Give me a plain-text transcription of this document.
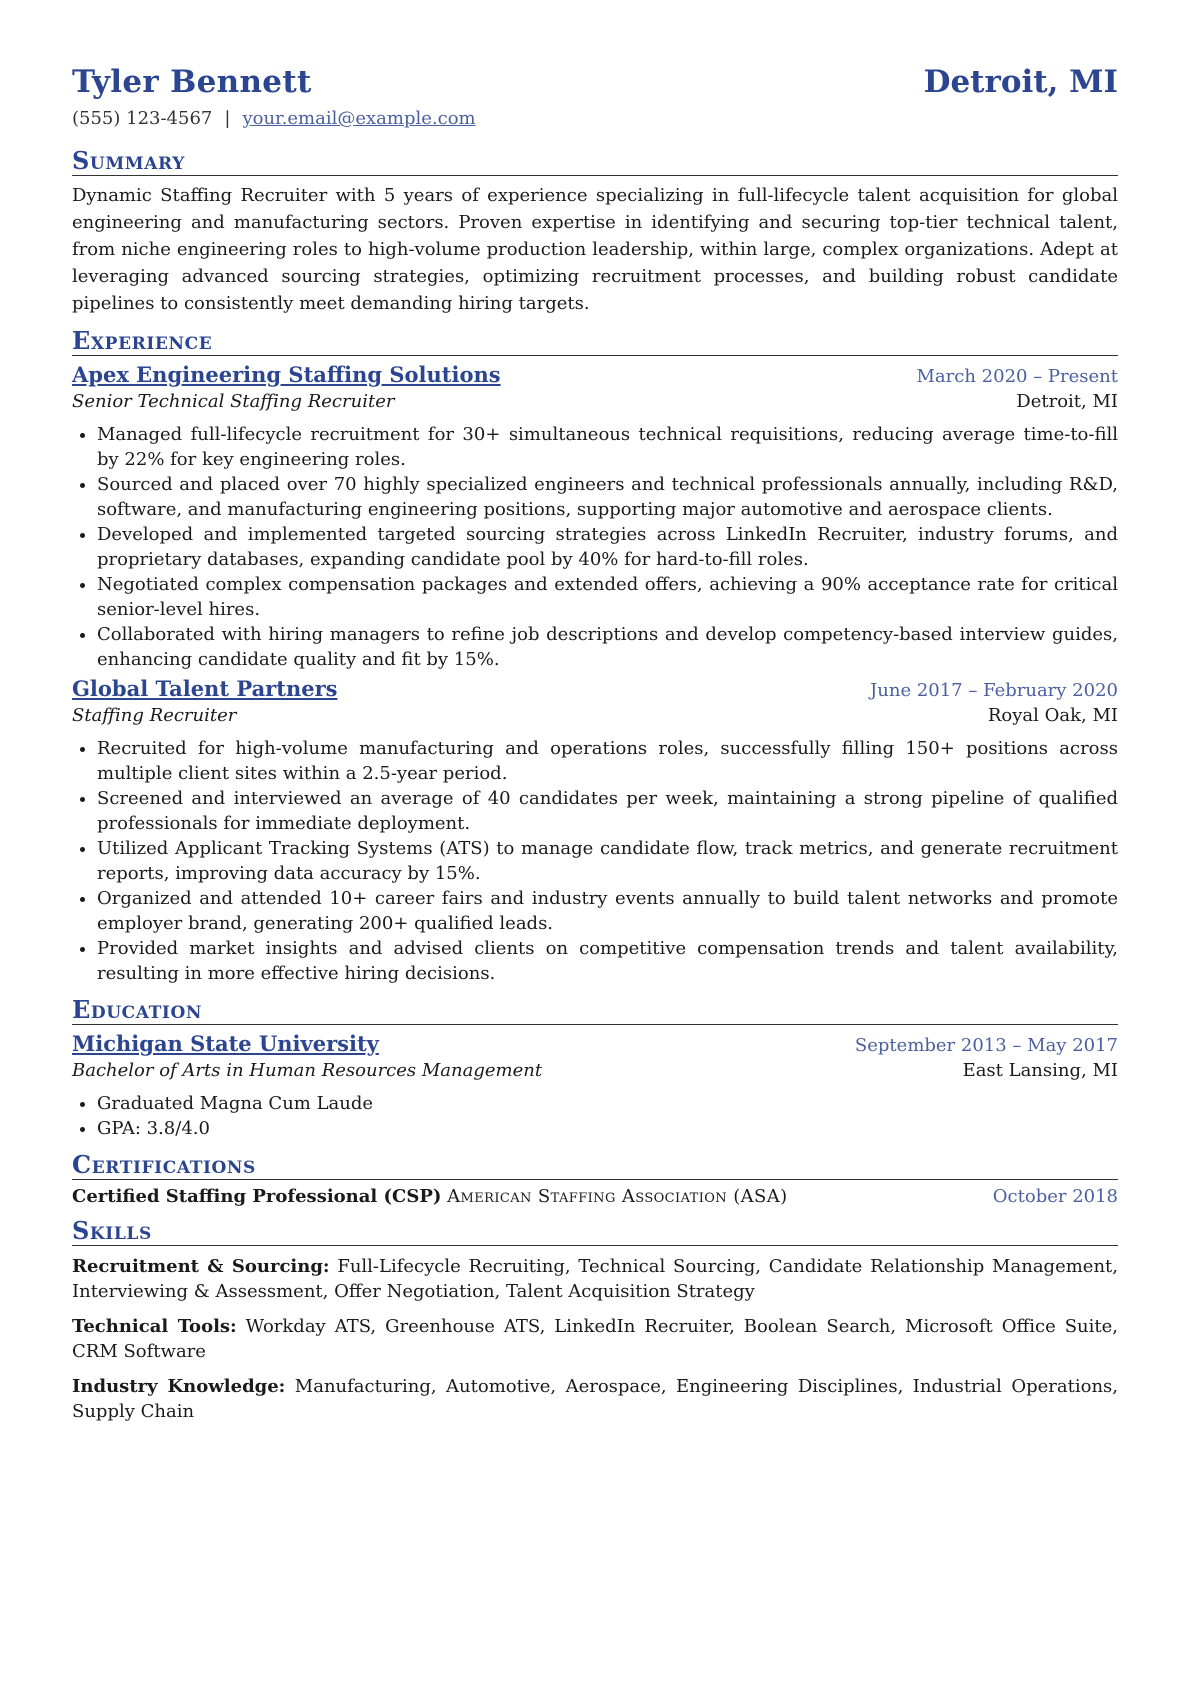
Tyler Bennett	Detroit, MI
(555) 123-4567 | your.email@example.com
Summary
Dynamic Staffing Recruiter with 5 years of experience specializing in full-lifecycle talent acquisition for global engineering and manufacturing sectors. Proven expertise in identifying and securing top-tier technical talent, from niche engineering roles to high-volume production leadership, within large, complex organizations. Adept at leveraging advanced sourcing strategies, optimizing recruitment processes, and building robust candidate pipelines to consistently meet demanding hiring targets.
Experience
Apex Engineering Staffing Solutions	March 2020 – Present
Senior Technical Staffing Recruiter	Detroit, MI
• Managed full-lifecycle recruitment for 30+ simultaneous technical requisitions, reducing average time-to-fill by 22% for key engineering roles.
• Sourced and placed over 70 highly specialized engineers and technical professionals annually, including R&D, software, and manufacturing engineering positions, supporting major automotive and aerospace clients.
• Developed and implemented targeted sourcing strategies across LinkedIn Recruiter, industry forums, and proprietary databases, expanding candidate pool by 40% for hard-to-fill roles.
• Negotiated complex compensation packages and extended offers, achieving a 90% acceptance rate for critical senior-level hires.
• Collaborated with hiring managers to refine job descriptions and develop competency-based interview guides, enhancing candidate quality and fit by 15%.
Global Talent Partners	June 2017 – February 2020
Staffing Recruiter	Royal Oak, MI
• Recruited for high-volume manufacturing and operations roles, successfully filling 150+ positions across multiple client sites within a 2.5-year period.
• Screened and interviewed an average of 40 candidates per week, maintaining a strong pipeline of qualified professionals for immediate deployment.
• Utilized Applicant Tracking Systems (ATS) to manage candidate flow, track metrics, and generate recruitment reports, improving data accuracy by 15%.
• Organized and attended 10+ career fairs and industry events annually to build talent networks and promote employer brand, generating 200+ qualified leads.
• Provided market insights and advised clients on competitive compensation trends and talent availability, resulting in more effective hiring decisions.
Education
Michigan State University	September 2013 – May 2017
Bachelor of Arts in Human Resources Management	East Lansing, MI
• Graduated Magna Cum Laude
• GPA: 3.8/4.0
Certifications
Certified Staffing Professional (CSP) American Staffing Association (ASA)	October 2018
Skills
Recruitment & Sourcing: Full-Lifecycle Recruiting, Technical Sourcing, Candidate Relationship Management, Interviewing & Assessment, Offer Negotiation, Talent Acquisition Strategy
Technical Tools: Workday ATS, Greenhouse ATS, LinkedIn Recruiter, Boolean Search, Microsoft Office Suite, CRM Software
Industry Knowledge: Manufacturing, Automotive, Aerospace, Engineering Disciplines, Industrial Operations, Supply Chain
